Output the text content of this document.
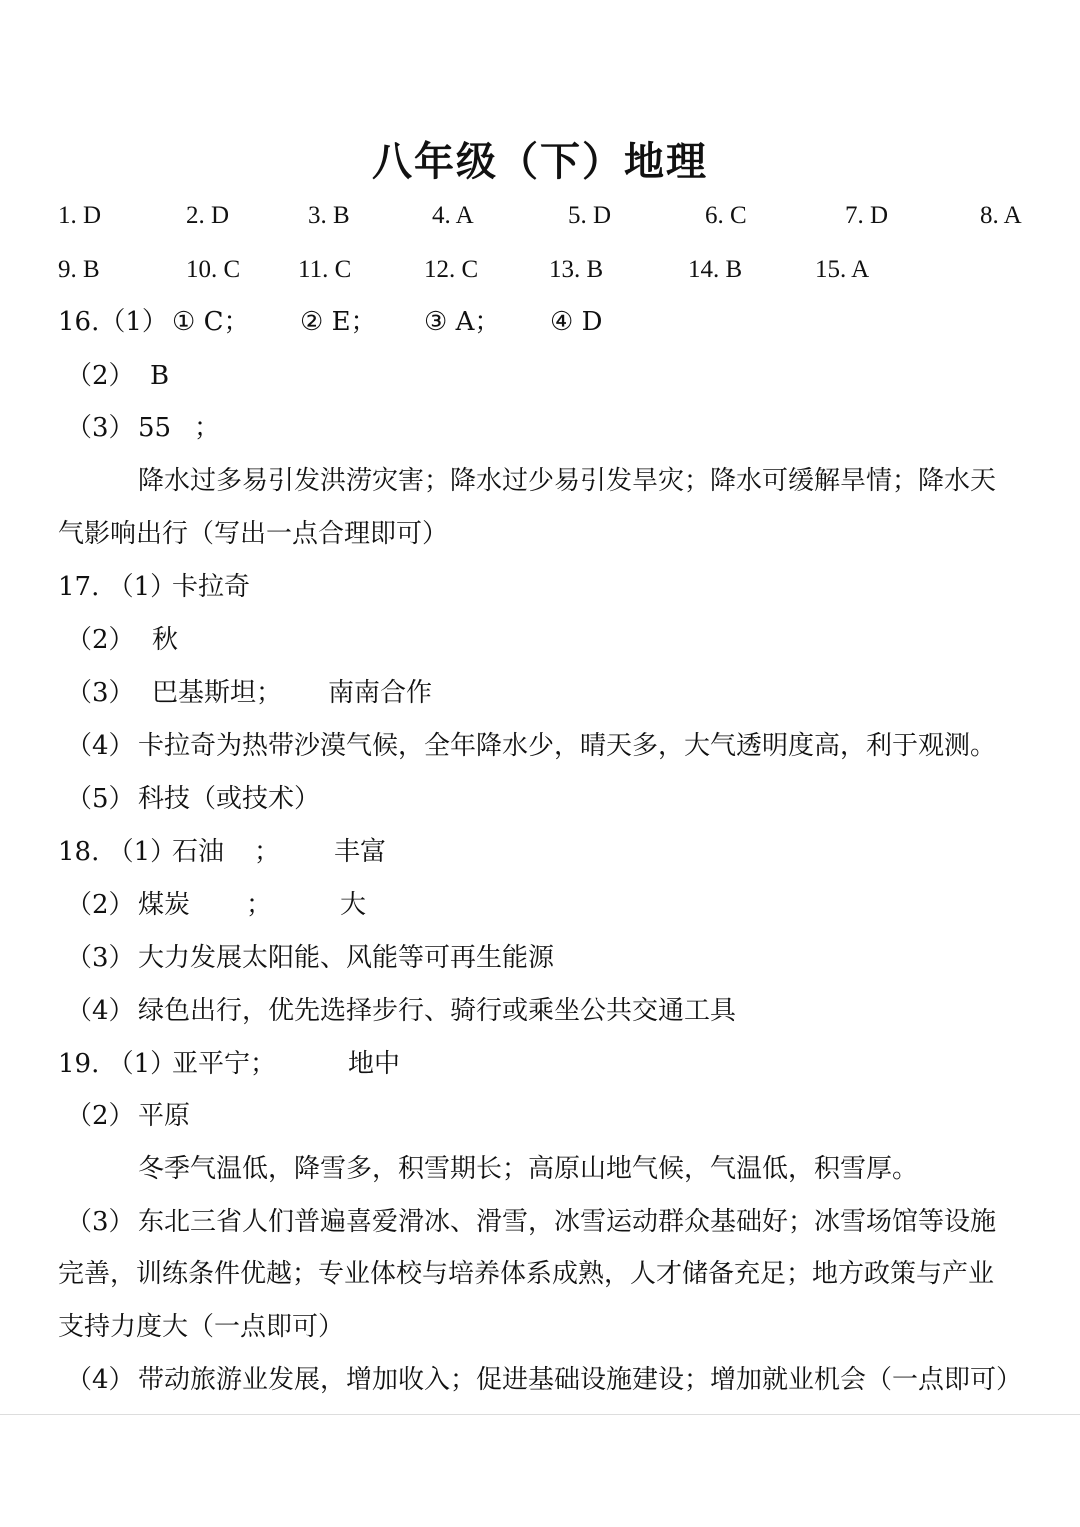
八年级（下）地理
1. D	2. D	3. B	4. A	5. D	6. C	7. D	8. A
9. B	10. C 11. C	12. C	13. B	14. B	15. A
16.（1） ① C； ② E； ③ A； ④ D
（2） B
（3） 55 ；
降水过多易引发洪涝灾害；降水过少易引发旱灾；降水可缓解旱情；降水天
气影响出行（写出一点合理即可）
17. （1）
卡拉奇
（2） 秋
（3） 巴基斯坦； 南南合作
（4） 卡拉奇为热带沙漠气候，全年降水少，晴天多，大气透明度高，利于观测。
（5） 科技（或技术）
18. （1）
石油 ； 丰富
（2） 煤炭 ；	大
（3） 大力发展太阳能、风能等可再生能源
（4） 绿色出行，优先选择步行、骑行或乘坐公共交通工具
19. （1）
亚平宁；	地中
（2） 平原
冬季气温低，降雪多，积雪期长；高原山地气候，气温低，积雪厚。
（3） 东北三省人们普遍喜爱滑冰、滑雪，冰雪运动群众基础好；冰雪场馆等设施
完善，训练条件优越；专业体校与培养体系成熟，人才储备充足；地方政策与产业
支持力度大（一点即可）
（4） 带动旅游业发展，增加收入；促进基础设施建设；增加就业机会（一点即可）
